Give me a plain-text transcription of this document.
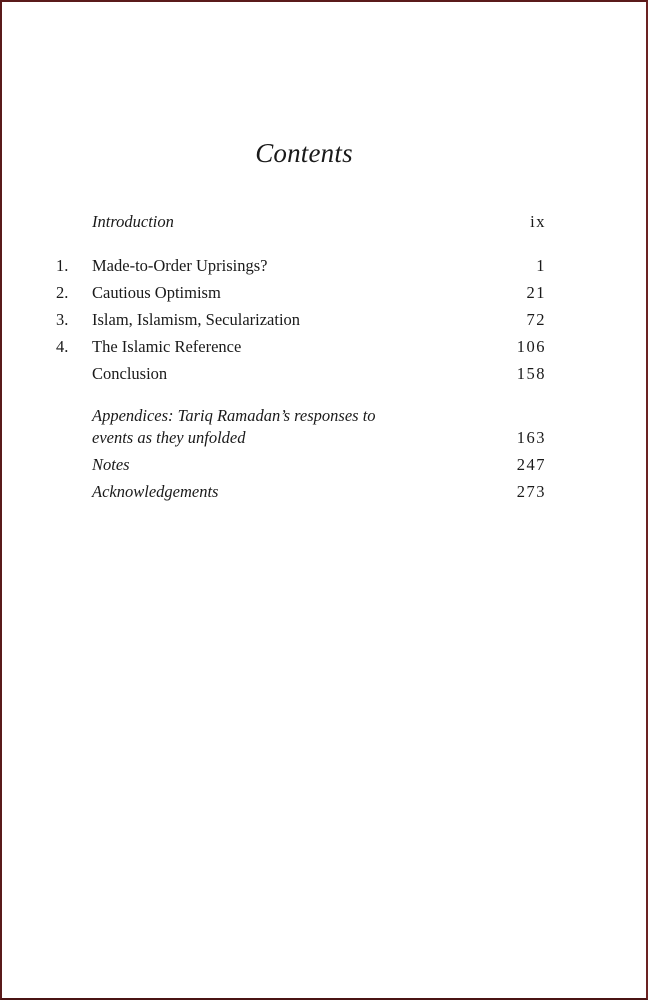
Contents
Introduction	ix
1.	Made-to-Order Uprisings?	1
2.	Cautious Optimism	21
3.	Islam, Islamism, Secularization	72
4.	The Islamic Reference	106
Conclusion	158
Appendices: Tariq Ramadan’s responses to
events as they unfolded	163
Notes	247
Acknowledgements	273
